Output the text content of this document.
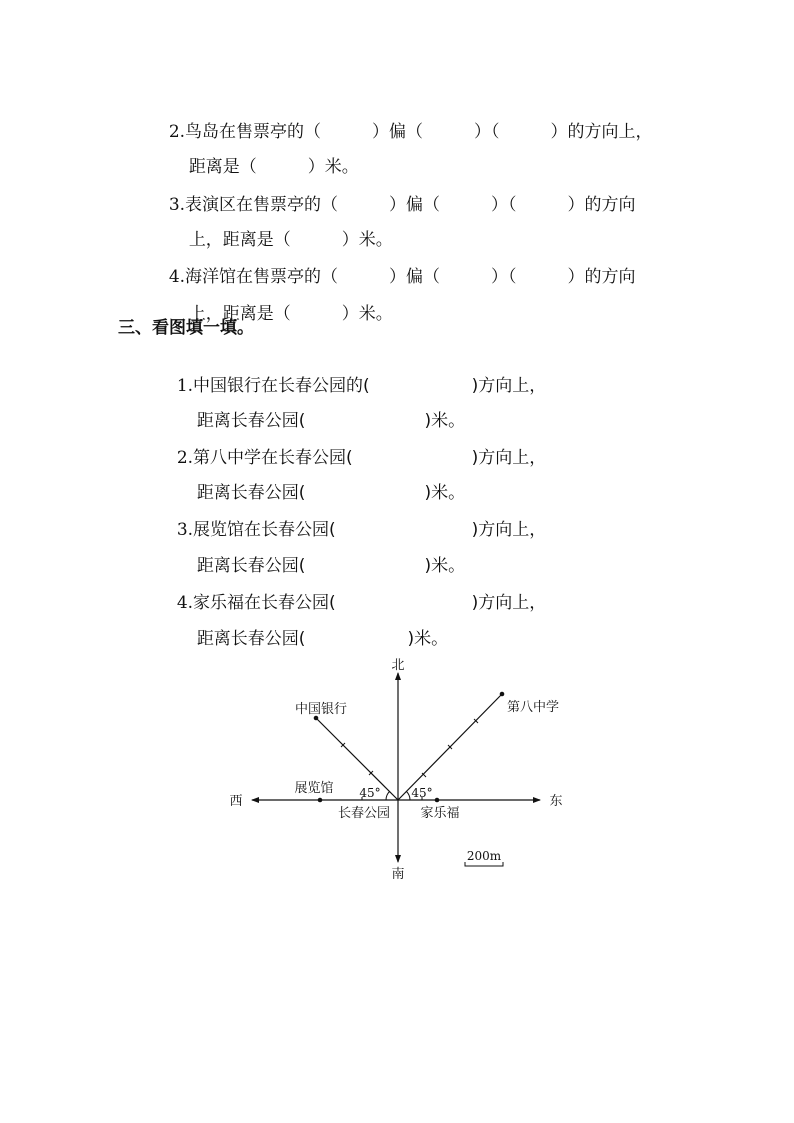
2.鸟岛在售票亭的（　　　）偏（　　　）（　　　）的方向上，

距离是（　　　）米。

3.表演区在售票亭的（　　　）偏（　　　）（　　　）的方向

上，距离是（　　　）米。

4.海洋馆在售票亭的（　　　）偏（　　　）（　　　）的方向

上，距离是（　　　）米。

三、看图填一填。

1.中国银行在长春公园的(　　　　　　)方向上，

距离长春公园(　　　　　　　)米。

2.第八中学在长春公园(　　　　　　　)方向上，

距离长春公园(　　　　　　　)米。

3.展览馆在长春公园(　　　　　　　　)方向上，

距离长春公园(　　　　　　　)米。

4.家乐福在长春公园(　　　　　　　　)方向上，

距离长春公园(　　　　　　)米。

北
南
东
西
长春公园
中国银行	第八中学
展览馆
家乐福
45°	45°
200m
